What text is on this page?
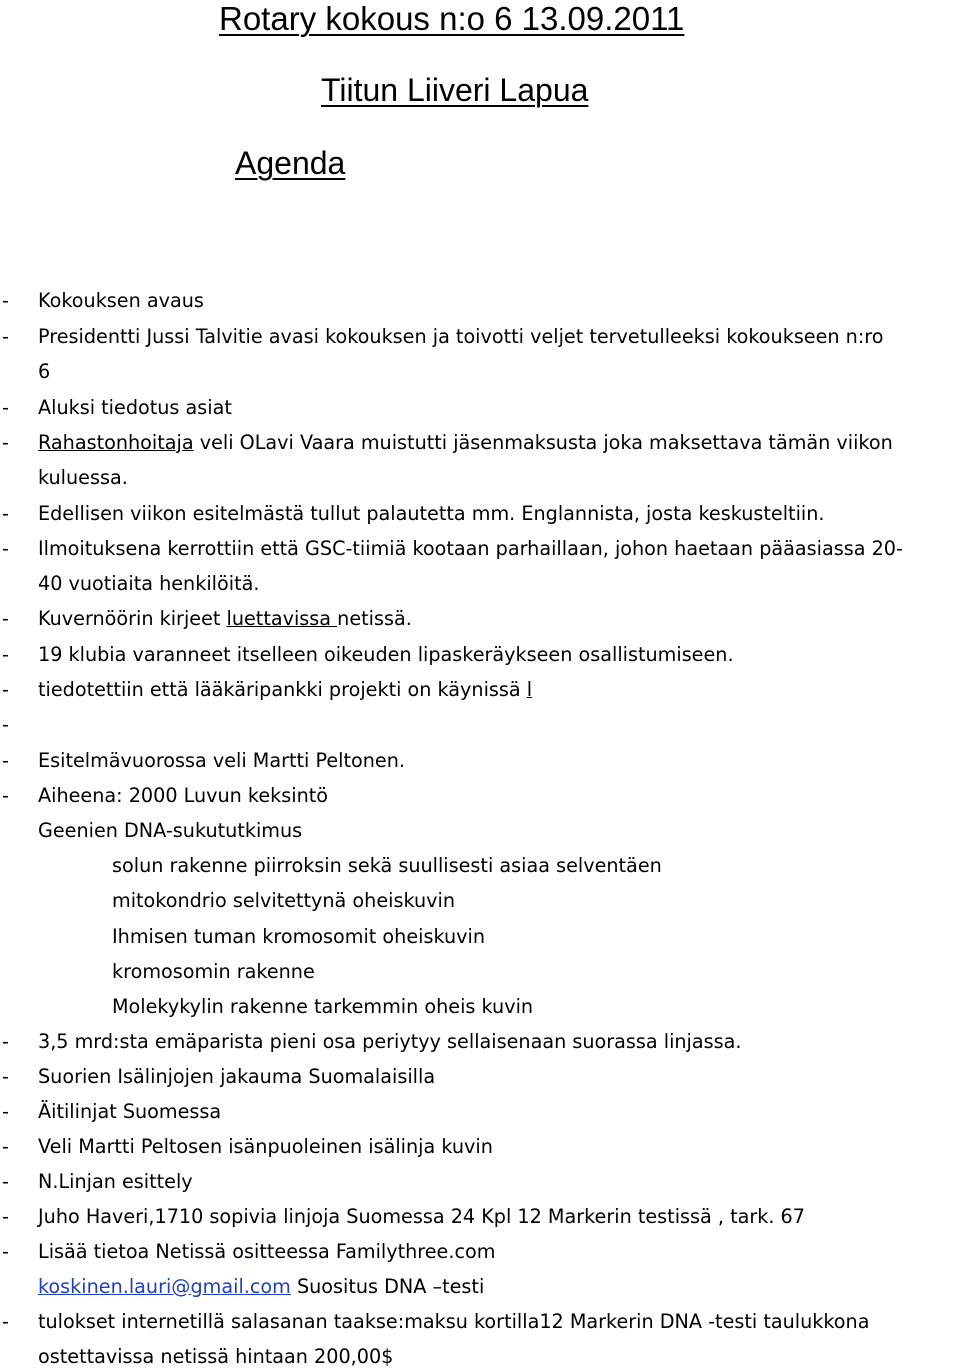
Rotary kokous n:o 6 13.09.2011
Tiitun Liiveri Lapua
Agenda
- Kokouksen avaus
- Presidentti Jussi Talvitie avasi kokouksen ja toivotti veljet tervetulleeksi kokoukseen n:ro
6
- Aluksi tiedotus asiat
- Rahastonhoitaja veli OLavi Vaara muistutti jäsenmaksusta joka maksettava tämän viikon
kuluessa.
- Edellisen viikon esitelmästä tullut palautetta mm. Englannista, josta keskusteltiin.
- Ilmoituksena kerrottiin että GSC-tiimiä kootaan parhaillaan, johon haetaan pääasiassa 20-
40 vuotiaita henkilöitä.
- Kuvernöörin kirjeet luettavissa netissä.
- 19 klubia varanneet itselleen oikeuden lipaskeräykseen osallistumiseen.
- tiedotettiin että lääkäripankki projekti on käynissä l
-
- Esitelmävuorossa veli Martti Peltonen.
- Aiheena: 2000 Luvun keksintö
Geenien DNA-sukututkimus
solun rakenne piirroksin sekä suullisesti asiaa selventäen
mitokondrio selvitettynä oheiskuvin
Ihmisen tuman kromosomit oheiskuvin
kromosomin rakenne
Molekykylin rakenne tarkemmin oheis kuvin
- 3,5 mrd:sta emäparista pieni osa periytyy sellaisenaan suorassa linjassa.
- Suorien Isälinjojen jakauma Suomalaisilla
- Äitilinjat Suomessa
- Veli Martti Peltosen isänpuoleinen isälinja kuvin
- N.Linjan esittely
- Juho Haveri,1710 sopivia linjoja Suomessa 24 Kpl 12 Markerin testissä , tark. 67
- Lisää tietoa Netissä ositteessa Familythree.com
koskinen.lauri@gmail.com Suositus DNA –testi
- tulokset internetillä salasanan taakse:maksu kortilla12 Markerin DNA -testi taulukkona
ostettavissa netissä hintaan 200,00$
